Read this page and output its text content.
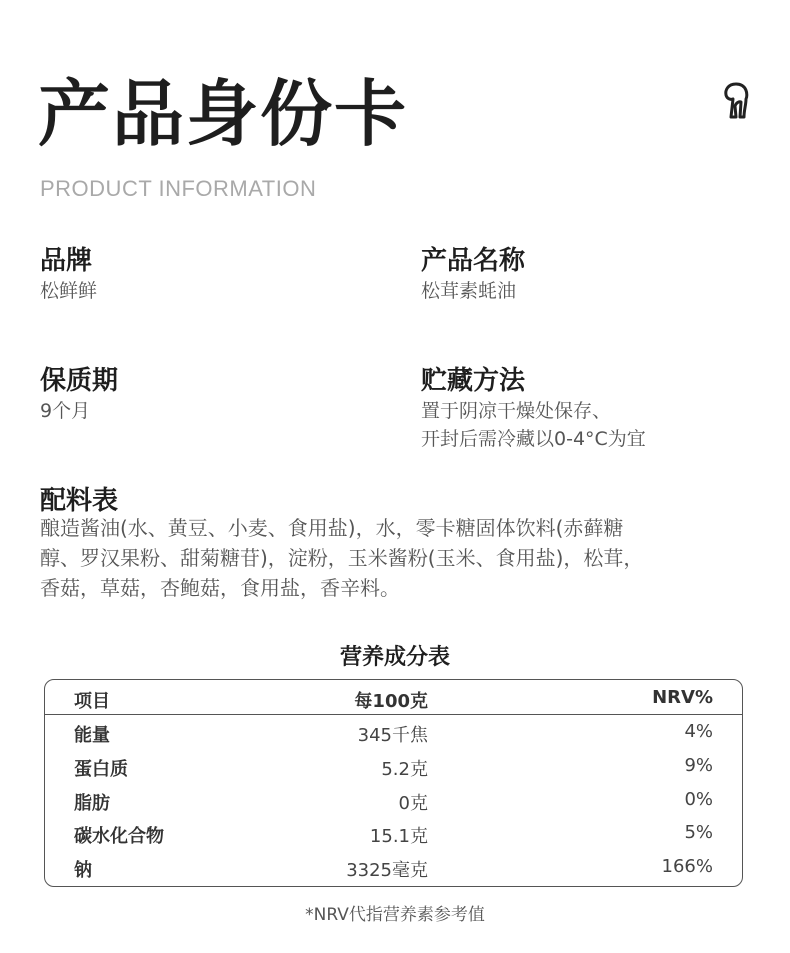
产品身份卡
PRODUCT INFORMATION
品牌
松鲜鲜
产品名称
松茸素蚝油
保质期
9个月
贮藏方法
置于阴凉干燥处保存、
开封后需冷藏以0-4°C为宜
配料表
酿造酱油(水、黄豆、小麦、食用盐)，水，零卡糖固体饮料(赤藓糖
醇、罗汉果粉、甜菊糖苷)，淀粉，玉米酱粉(玉米、食用盐)，松茸，
香菇，草菇，杏鲍菇，食用盐，香辛料。
营养成分表
项目	每100克	NRV%
能量	345千焦	4%
蛋白质	5.2克	9%
脂肪	0克	0%
碳水化合物	15.1克	5%
钠	3325毫克	166%
*NRV代指营养素参考值
